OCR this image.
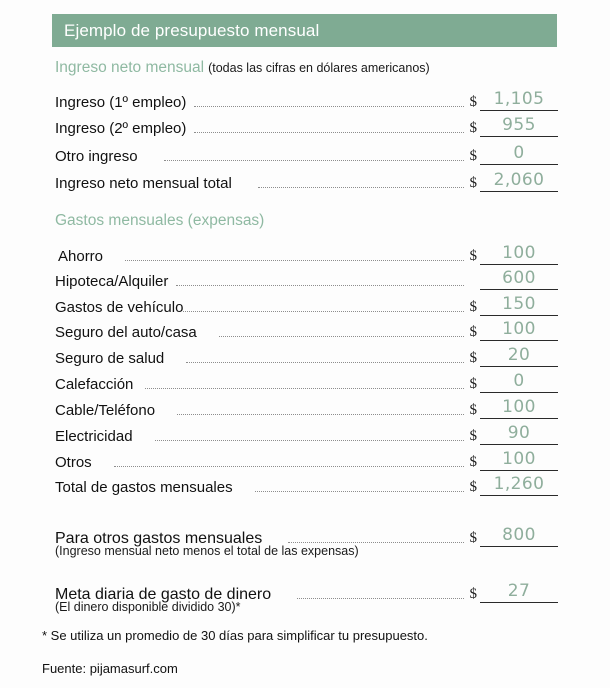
Ejemplo de presupuesto mensual
Ingreso neto mensual (todas las cifras en dólares americanos)
Ingreso (1º empleo)	$ 1,105
Ingreso (2º empleo)	$	955
Otro ingreso	$	0
Ingreso neto mensual total	$ 2,060
Gastos mensuales (expensas)
Ahorro	$	100
Hipoteca/Alquiler	600
Gastos de vehículo	$	150
Seguro del auto/casa	$	100
Seguro de salud	$	20
Calefacción	$	0
Cable/Teléfono	$	100
Electricidad	$	90
Otros	$	100
Total de gastos mensuales	$ 1,260
Para otros gastos mensuales	$	800
(Ingreso mensual neto menos el total de las expensas)
Meta diaria de gasto de dinero	$	27
(El dinero disponible dividido 30)*
* Se utiliza un promedio de 30 días para simplificar tu presupuesto.
Fuente: pijamasurf.com
